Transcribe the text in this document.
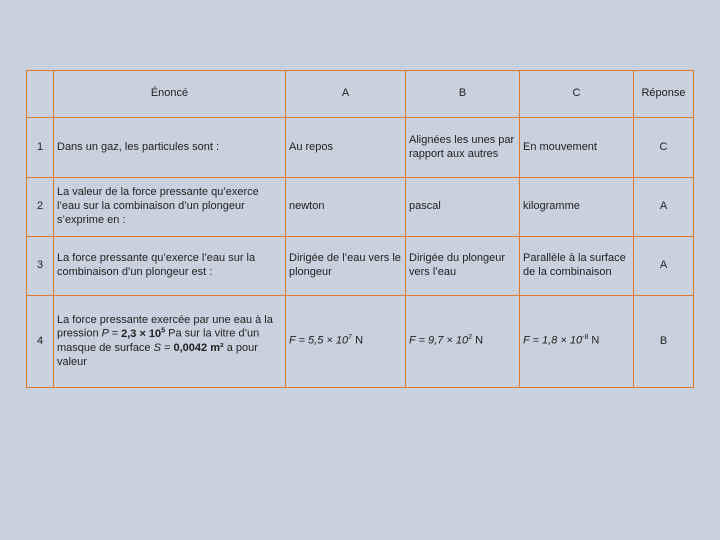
	Énoncé	A	B	C	Réponse
1	Dans un gaz, les particules sont :	Au repos	Alignées les unes par rapport aux autres	En mouvement	C
2	La valeur de la force pressante qu’exerce l’eau sur la combinaison d’un plongeur s’exprime en :	newton	pascal	kilogramme	A
3	La force pressante qu’exerce l’eau sur la combinaison d’un plongeur est :	Dirigée de l’eau vers le plongeur	Dirigée du plongeur vers l’eau	Parallèle à la surface de la combinaison	A
4	La force pressante exercée par une eau à la pression $P = 2,3 \times 10^5$ Pa sur la vitre d’un masque de surface S = 0,0042 m² a pour valeur	$F = 5,5 \times 10^7$ N	$F = 9,7 \times 10^2$ N	$F = 1,8 \times 10^{-8}$ N	B
